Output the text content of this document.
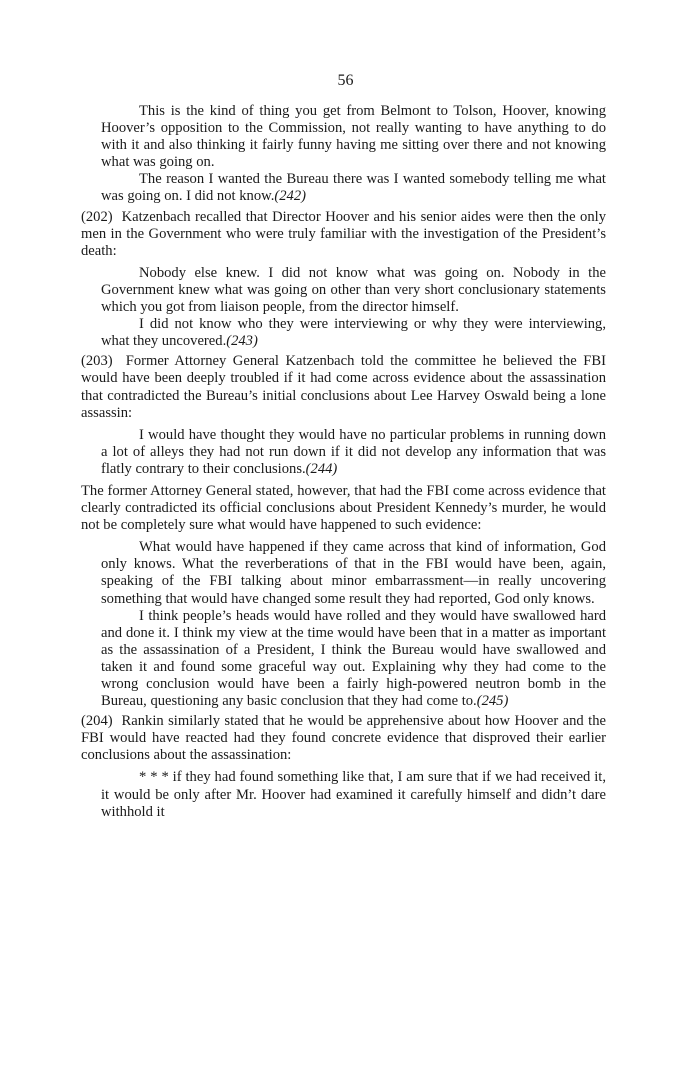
56

This is the kind of thing you get from Belmont to Tolson, Hoover, knowing Hoover’s opposition to the Commission, not really wanting to have anything to do with it and also thinking it fairly funny having me sitting over there and not knowing what was going on.

The reason I wanted the Bureau there was I wanted somebody telling me what was going on. I did not know.(242)

(202) Katzenbach recalled that Director Hoover and his senior aides were then the only men in the Government who were truly familiar with the investigation of the President’s death:

Nobody else knew. I did not know what was going on. Nobody in the Government knew what was going on other than very short conclusionary statements which you got from liaison people, from the director himself.

I did not know who they were interviewing or why they were interviewing, what they uncovered.(243)

(203) Former Attorney General Katzenbach told the committee he believed the FBI would have been deeply troubled if it had come across evidence about the assassination that contradicted the Bureau’s initial conclusions about Lee Harvey Oswald being a lone assassin:

I would have thought they would have no particular problems in running down a lot of alleys they had not run down if it did not develop any information that was flatly contrary to their conclusions.(244)

The former Attorney General stated, however, that had the FBI come across evidence that clearly contradicted its official conclusions about President Kennedy’s murder, he would not be completely sure what would have happened to such evidence:

What would have happened if they came across that kind of information, God only knows. What the reverberations of that in the FBI would have been, again, speaking of the FBI talking about minor embarrassment—in really uncovering something that would have changed some result they had reported, God only knows.

I think people’s heads would have rolled and they would have swallowed hard and done it. I think my view at the time would have been that in a matter as important as the assassination of a President, I think the Bureau would have swallowed and taken it and found some graceful way out. Explaining why they had come to the wrong conclusion would have been a fairly high-powered neutron bomb in the Bureau, questioning any basic conclusion that they had come to.(245)

(204) Rankin similarly stated that he would be apprehensive about how Hoover and the FBI would have reacted had they found concrete evidence that disproved their earlier conclusions about the assassination:

* * * if they had found something like that, I am sure that if we had received it, it would be only after Mr. Hoover had examined it carefully himself and didn’t dare withhold it
